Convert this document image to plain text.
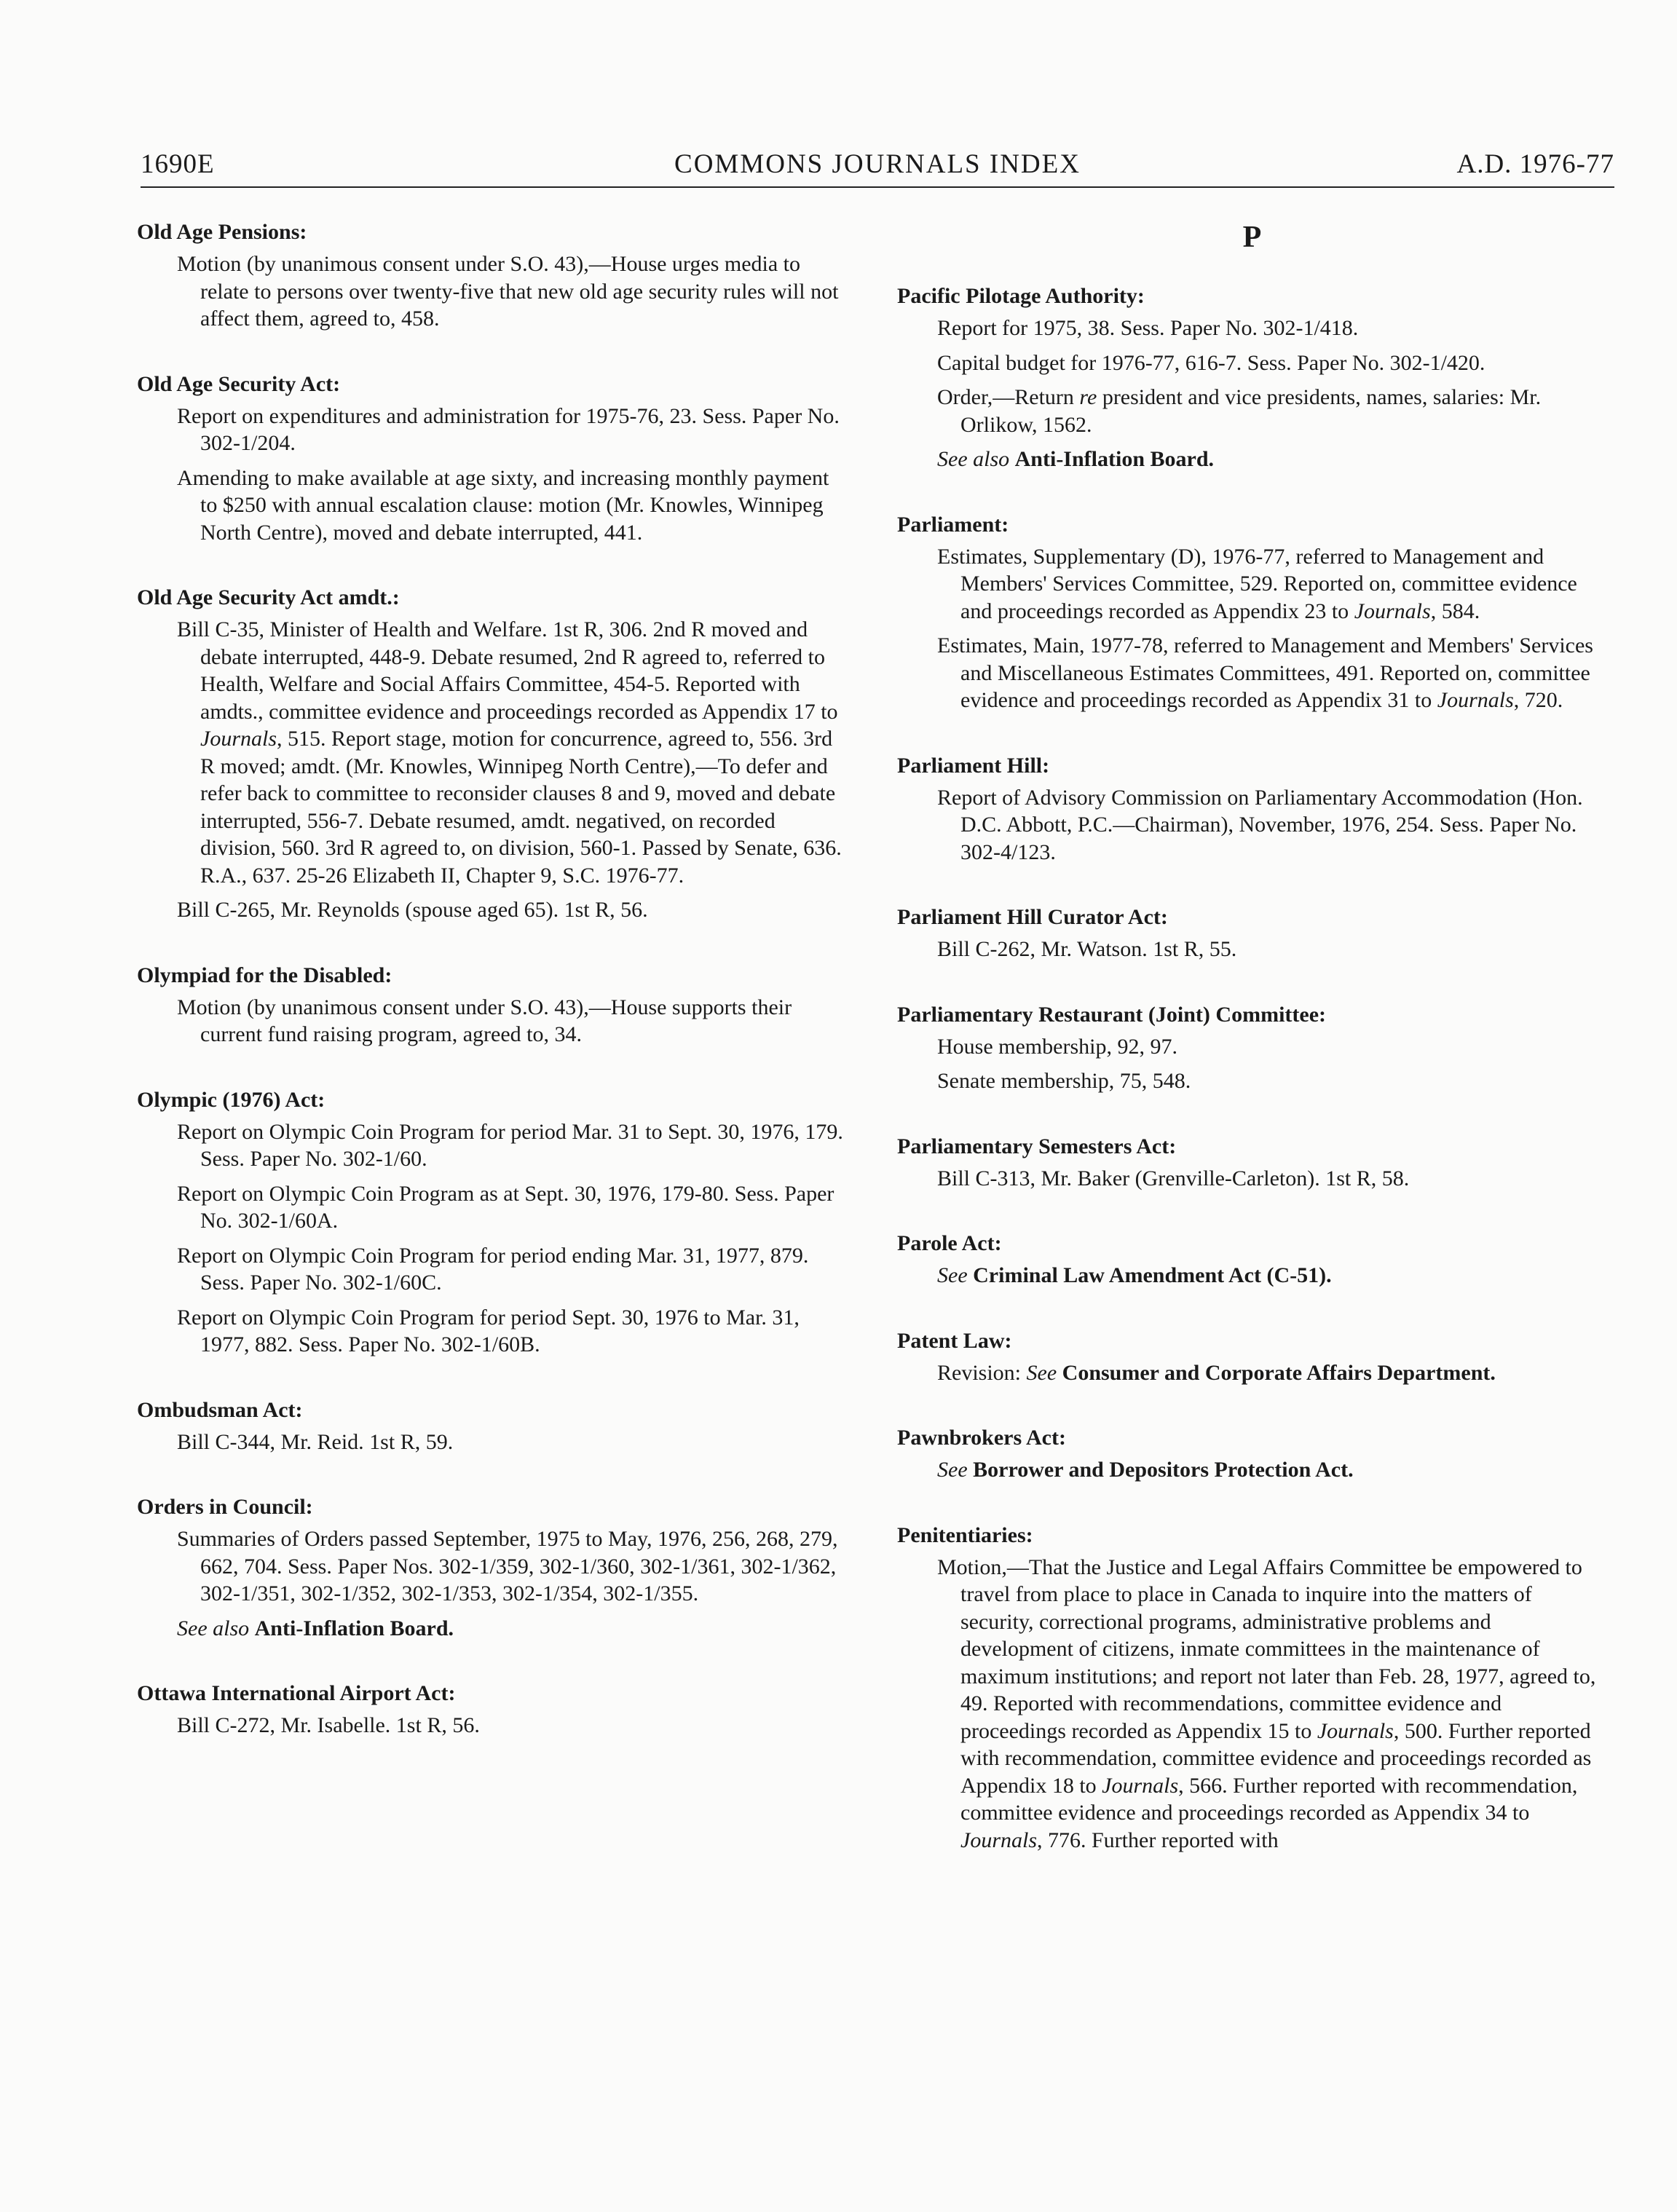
1690E	COMMONS JOURNALS INDEX	A.D. 1976-77
Old Age Pensions:
Motion (by unanimous consent under S.O. 43),—House urges media to relate to persons over twenty-five that new old age security rules will not affect them, agreed to, 458.
Old Age Security Act:
Report on expenditures and administration for 1975-76, 23. Sess. Paper No. 302-1/204.
Amending to make available at age sixty, and increasing monthly payment to $250 with annual escalation clause: motion (Mr. Knowles, Winnipeg North Centre), moved and debate interrupted, 441.
Old Age Security Act amdt.:
Bill C-35, Minister of Health and Welfare. 1st R, 306. 2nd R moved and debate interrupted, 448-9. Debate resumed, 2nd R agreed to, referred to Health, Welfare and Social Affairs Committee, 454-5. Reported with amdts., committee evidence and proceedings recorded as Appendix 17 to Journals, 515. Report stage, motion for concurrence, agreed to, 556. 3rd R moved; amdt. (Mr. Knowles, Winnipeg North Centre),—To defer and refer back to committee to reconsider clauses 8 and 9, moved and debate interrupted, 556-7. Debate resumed, amdt. negatived, on recorded division, 560. 3rd R agreed to, on division, 560-1. Passed by Senate, 636. R.A., 637. 25-26 Elizabeth II, Chapter 9, S.C. 1976-77.
Bill C-265, Mr. Reynolds (spouse aged 65). 1st R, 56.
Olympiad for the Disabled:
Motion (by unanimous consent under S.O. 43),—House supports their current fund raising program, agreed to, 34.
Olympic (1976) Act:
Report on Olympic Coin Program for period Mar. 31 to Sept. 30, 1976, 179. Sess. Paper No. 302-1/60.
Report on Olympic Coin Program as at Sept. 30, 1976, 179-80. Sess. Paper No. 302-1/60A.
Report on Olympic Coin Program for period ending Mar. 31, 1977, 879. Sess. Paper No. 302-1/60C.
Report on Olympic Coin Program for period Sept. 30, 1976 to Mar. 31, 1977, 882. Sess. Paper No. 302-1/60B.
Ombudsman Act:
Bill C-344, Mr. Reid. 1st R, 59.
Orders in Council:
Summaries of Orders passed September, 1975 to May, 1976, 256, 268, 279, 662, 704. Sess. Paper Nos. 302-1/359, 302-1/360, 302-1/361, 302-1/362, 302-1/351, 302-1/352, 302-1/353, 302-1/354, 302-1/355.
See also Anti-Inflation Board.
Ottawa International Airport Act:
Bill C-272, Mr. Isabelle. 1st R, 56.
P
Pacific Pilotage Authority:
Report for 1975, 38. Sess. Paper No. 302-1/418.
Capital budget for 1976-77, 616-7. Sess. Paper No. 302-1/420.
Order,—Return re president and vice presidents, names, salaries: Mr. Orlikow, 1562.
See also Anti-Inflation Board.
Parliament:
Estimates, Supplementary (D), 1976-77, referred to Management and Members' Services Committee, 529. Reported on, committee evidence and proceedings recorded as Appendix 23 to Journals, 584.
Estimates, Main, 1977-78, referred to Management and Members' Services and Miscellaneous Estimates Committees, 491. Reported on, committee evidence and proceedings recorded as Appendix 31 to Journals, 720.
Parliament Hill:
Report of Advisory Commission on Parliamentary Accommodation (Hon. D.C. Abbott, P.C.—Chairman), November, 1976, 254. Sess. Paper No. 302-4/123.
Parliament Hill Curator Act:
Bill C-262, Mr. Watson. 1st R, 55.
Parliamentary Restaurant (Joint) Committee:
House membership, 92, 97.
Senate membership, 75, 548.
Parliamentary Semesters Act:
Bill C-313, Mr. Baker (Grenville-Carleton). 1st R, 58.
Parole Act:
See Criminal Law Amendment Act (C-51).
Patent Law:
Revision: See Consumer and Corporate Affairs Department.
Pawnbrokers Act:
See Borrower and Depositors Protection Act.
Penitentiaries:
Motion,—That the Justice and Legal Affairs Committee be empowered to travel from place to place in Canada to inquire into the matters of security, correctional programs, administrative problems and development of citizens, inmate committees in the maintenance of maximum institutions; and report not later than Feb. 28, 1977, agreed to, 49. Reported with recommendations, committee evidence and proceedings recorded as Appendix 15 to Journals, 500. Further reported with recommendation, committee evidence and proceedings recorded as Appendix 18 to Journals, 566. Further reported with recommendation, committee evidence and proceedings recorded as Appendix 34 to Journals, 776. Further reported with
